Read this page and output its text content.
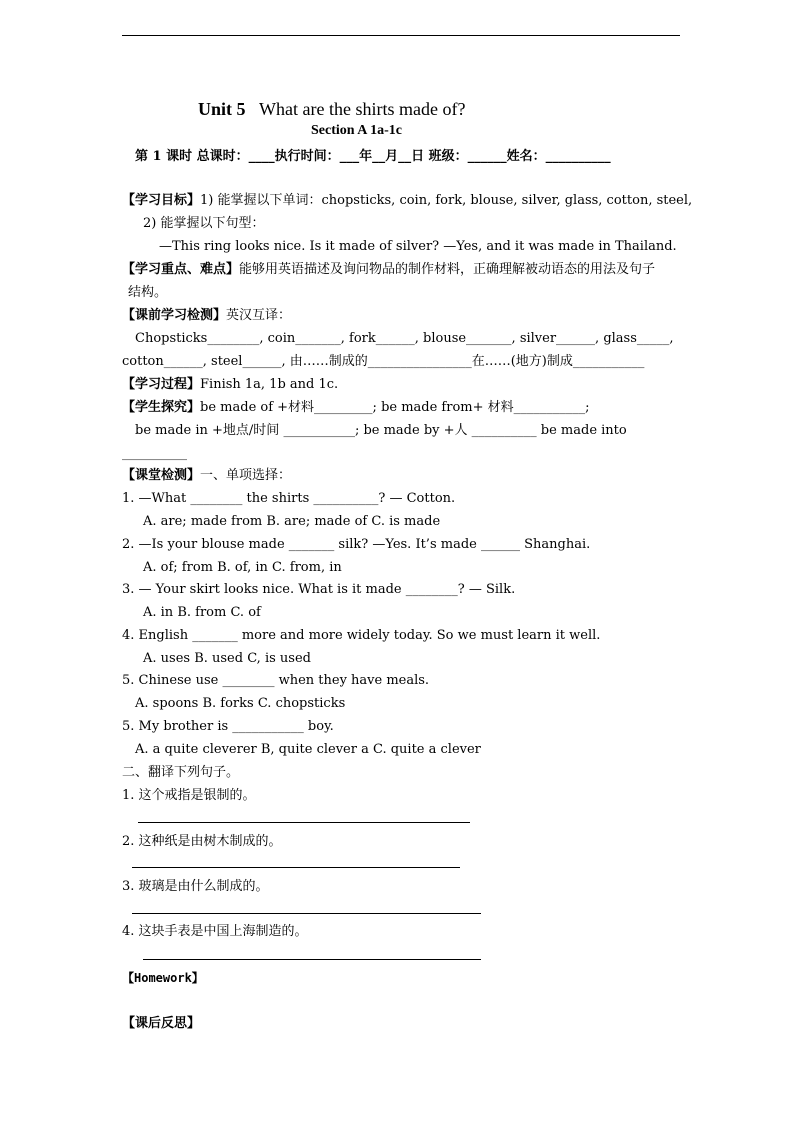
Unit 5 What are the shirts made of?
Section A 1a-1c
第 1 课时 总课时：____执行时间：___年__月__日 班级：______姓名：__________
【学习目标】1) 能掌握以下单词：chopsticks, coin, fork, blouse, silver, glass, cotton, steel,
2) 能掌握以下句型：
—This ring looks nice. Is it made of silver? —Yes, and it was made in Thailand.
【学习重点、难点】能够用英语描述及询问物品的制作材料，正确理解被动语态的用法及句子
结构。
【课前学习检测】英汉互译：
Chopsticks________, coin_______, fork______, blouse_______, silver______, glass_____,
cotton______, steel______, 由……制成的________________在……(地方)制成___________
【学习过程】Finish 1a, 1b and 1c.
【学生探究】be made of +材料_________; be made from+ 材料___________;
be made in +地点/时间 ___________; be made by +人 __________ be made into
__________
【课堂检测】一、单项选择：
1. —What ________ the shirts __________? — Cotton.
A. are; made from B. are; made of C. is made
2. —Is your blouse made _______ silk? —Yes. It’s made ______ Shanghai.
A. of; from B. of, in C. from, in
3. — Your skirt looks nice. What is it made ________? — Silk.
A. in B. from C. of
4. English _______ more and more widely today. So we must learn it well.
A. uses B. used C, is used
5. Chinese use ________ when they have meals.
A. spoons B. forks C. chopsticks
5. My brother is ___________ boy.
A. a quite cleverer B, quite clever a C. quite a clever
二、翻译下列句子。
1. 这个戒指是银制的。
2. 这种纸是由树木制成的。
3. 玻璃是由什么制成的。
4. 这块手表是中国上海制造的。
【Homework】
【课后反思】
